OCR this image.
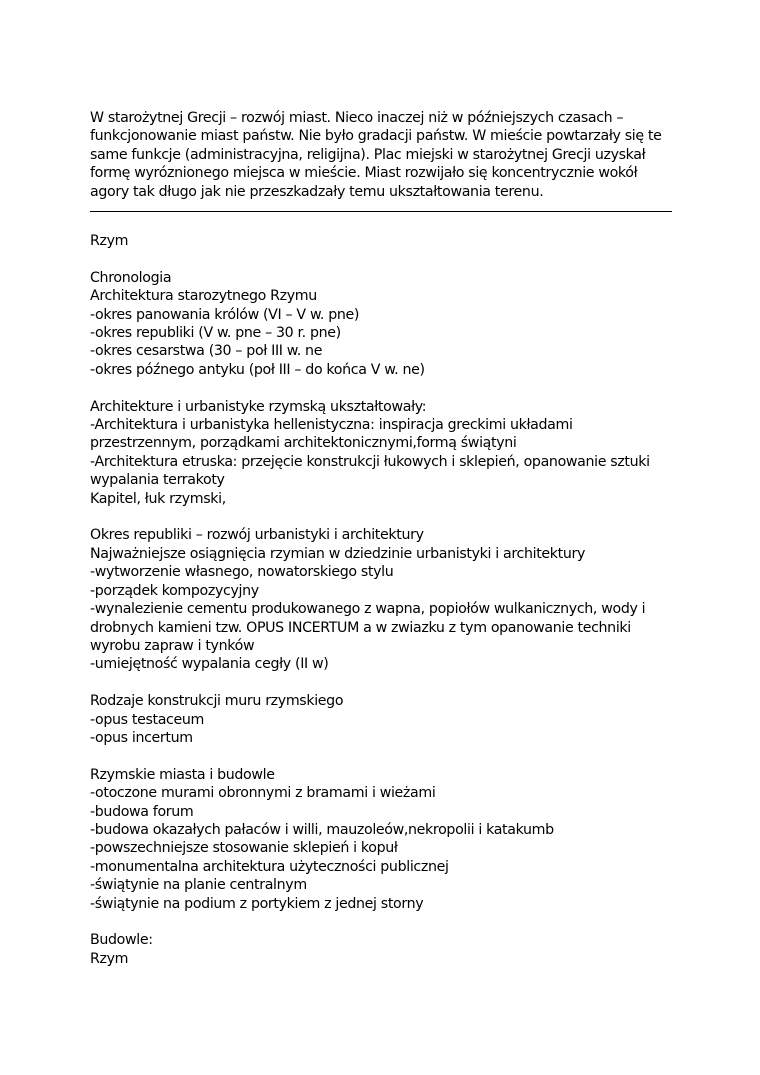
W starożytnej Grecji – rozwój miast. Nieco inaczej niż w późniejszych czasach –
funkcjonowanie miast państw. Nie było gradacji państw. W mieście powtarzały się te
same funkcje (administracyjna, religijna). Plac miejski w starożytnej Grecji uzyskał
formę wyróznionego miejsca w mieście. Miast rozwijało się koncentrycznie wokół
agory tak długo jak nie przeszkadzały temu ukształtowania terenu.
Rzym
Chronologia
Architektura starozytnego Rzymu
-okres panowania królów (VI – V w. pne)
-okres republiki (V w. pne – 30 r. pne)
-okres cesarstwa (30 – poł III w. ne
-okres późnego antyku (poł III – do końca V w. ne)
Architekture i urbanistyke rzymską ukształtowały:
-Architektura i urbanistyka hellenistyczna: inspiracja greckimi układami
przestrzennym, porządkami architektonicznymi,formą świątyni
-Architektura etruska: przejęcie konstrukcji łukowych i sklepień, opanowanie sztuki
wypalania terrakoty
Kapitel, łuk rzymski,
Okres republiki – rozwój urbanistyki i architektury
Najważniejsze osiągnięcia rzymian w dziedzinie urbanistyki i architektury
-wytworzenie własnego, nowatorskiego stylu
-porządek kompozycyjny
-wynalezienie cementu produkowanego z wapna, popiołów wulkanicznych, wody i
drobnych kamieni tzw. OPUS INCERTUM a w zwiazku z tym opanowanie techniki
wyrobu zapraw i tynków
-umiejętność wypalania cegły (II w)
Rodzaje konstrukcji muru rzymskiego
-opus testaceum
-opus incertum
Rzymskie miasta i budowle
-otoczone murami obronnymi z bramami i wieżami
-budowa forum
-budowa okazałych pałaców i willi, mauzoleów,nekropolii i katakumb
-powszechniejsze stosowanie sklepień i kopuł
-monumentalna architektura użyteczności publicznej
-świątynie na planie centralnym
-świątynie na podium z portykiem z jednej storny
Budowle:
Rzym
